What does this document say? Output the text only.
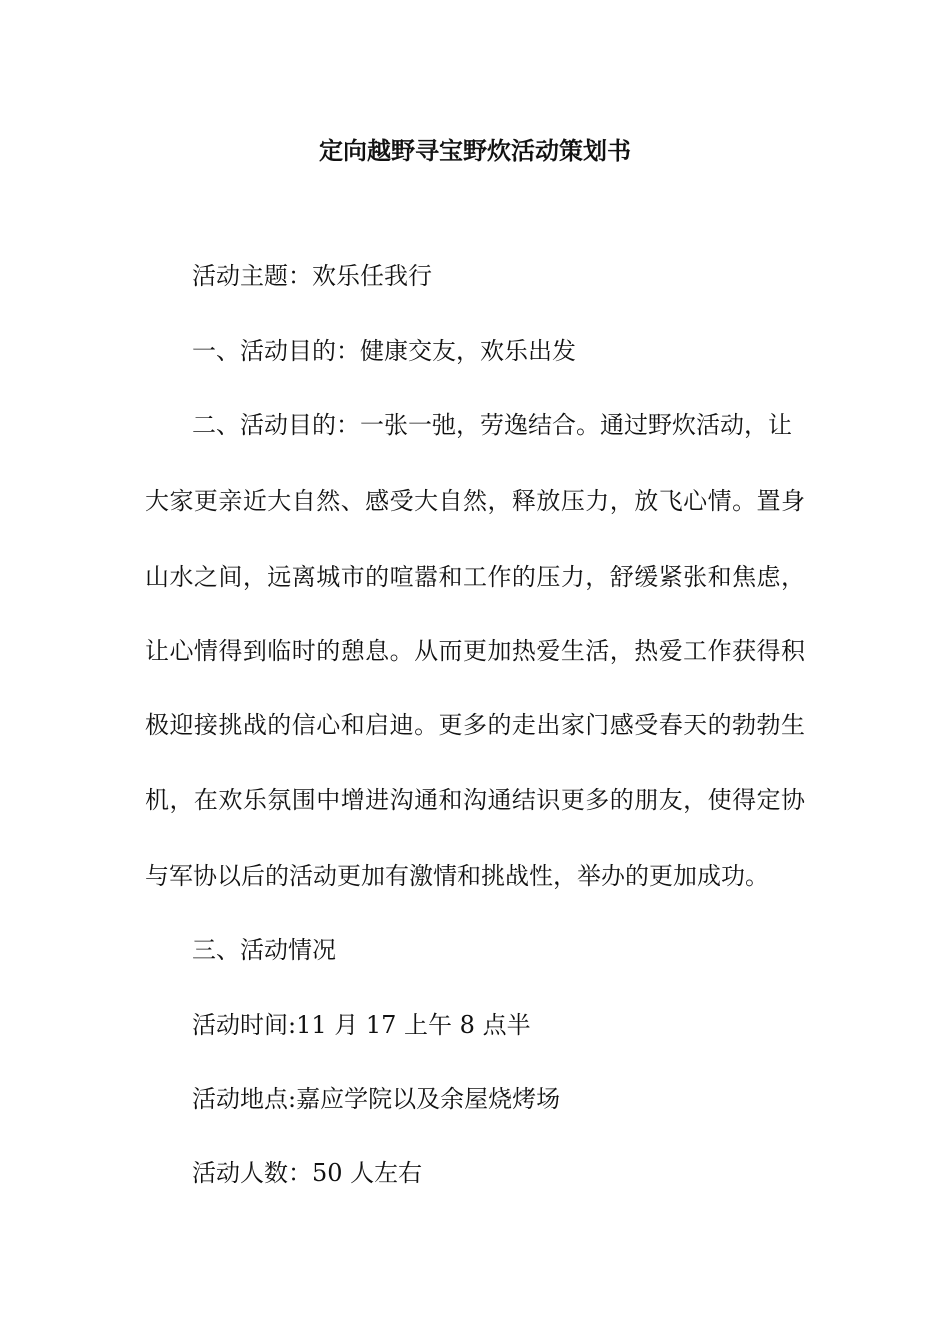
定向越野寻宝野炊活动策划书
活动主题：欢乐任我行
一、活动目的：健康交友，欢乐出发
二、活动目的：一张一弛，劳逸结合。通过野炊活动，让
大家更亲近大自然、感受大自然，释放压力，放飞心情。置身
山水之间，远离城市的喧嚣和工作的压力，舒缓紧张和焦虑，
让心情得到临时的憩息。从而更加热爱生活，热爱工作获得积
极迎接挑战的信心和启迪。更多的走出家门感受春天的勃勃生
机，在欢乐氛围中增进沟通和沟通结识更多的朋友，使得定协
与军协以后的活动更加有激情和挑战性，举办的更加成功。
三、活动情况
活动时间:11 月 17 上午 8 点半
活动地点:嘉应学院以及余屋烧烤场
活动人数：50 人左右
